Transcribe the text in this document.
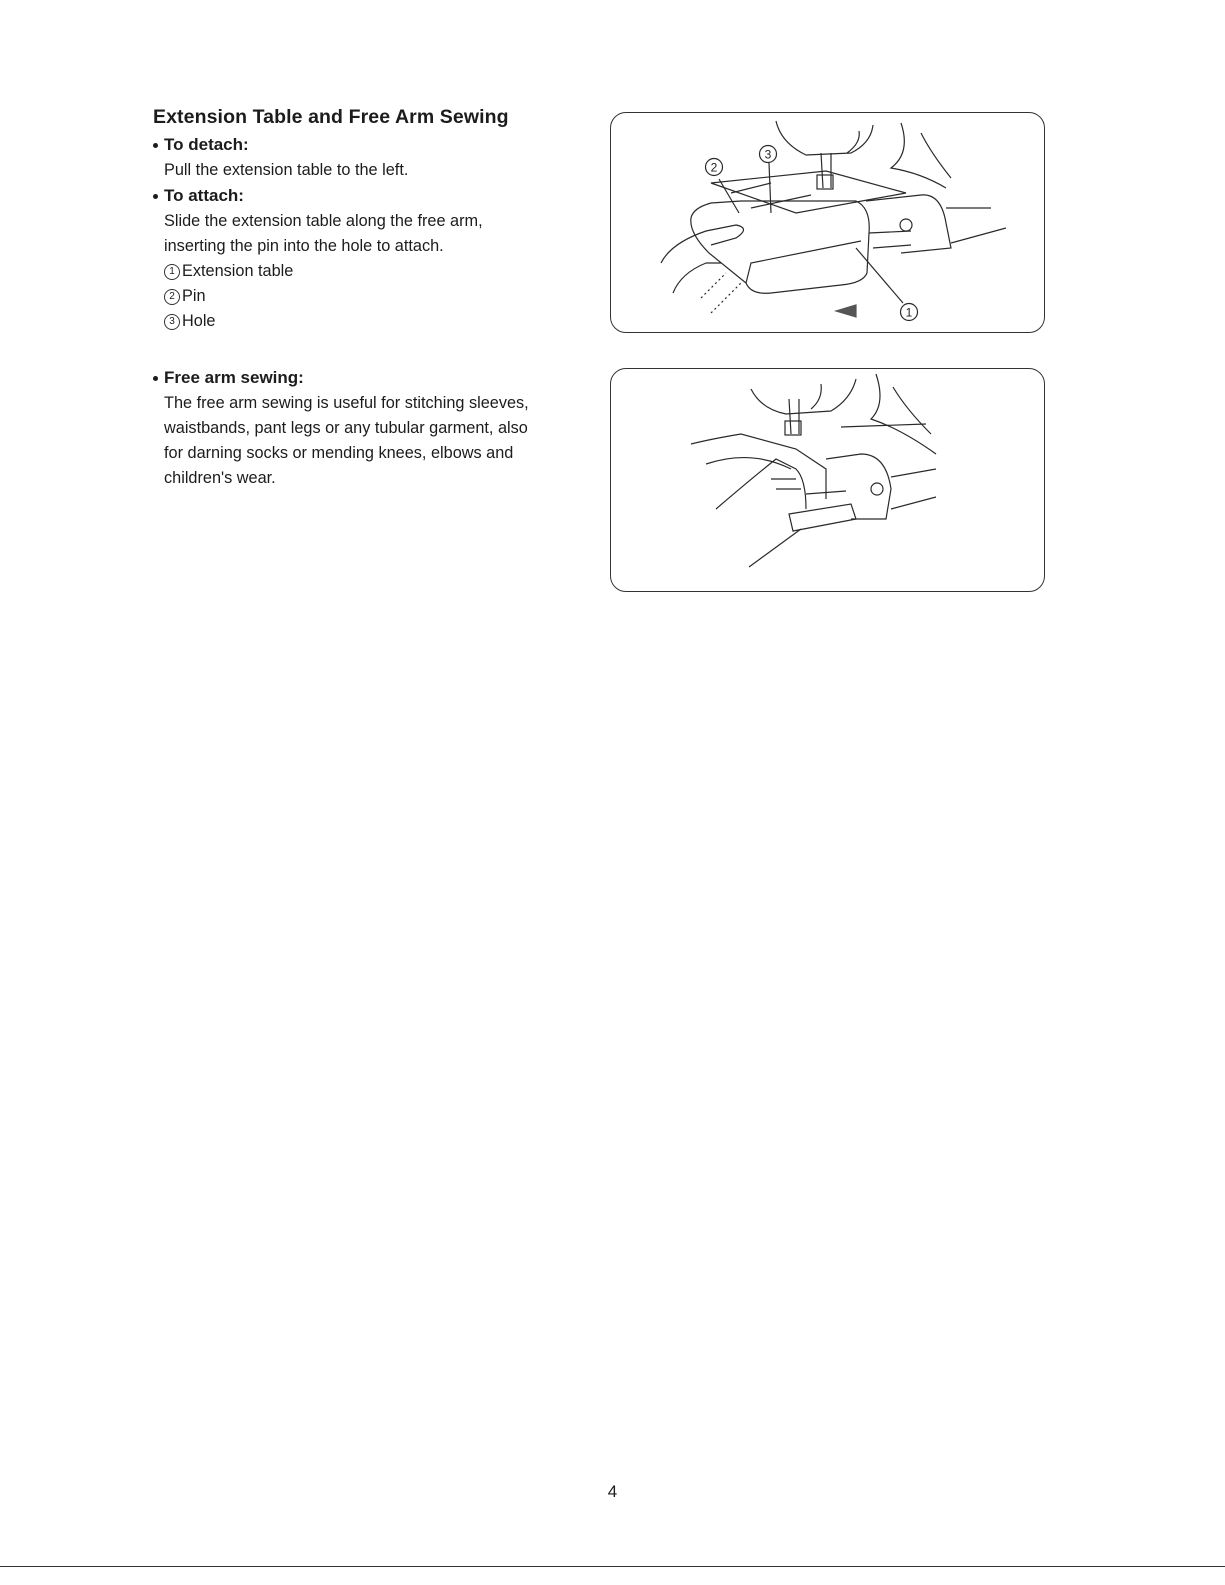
Extension Table and Free Arm Sewing

To detach:

Pull the extension table to the left.

To attach:

Slide the extension table along the free arm,

inserting the pin into the hole to attach.

1 Extension table
2 Pin
3 Hole

Free arm sewing:

The free arm sewing is useful for stitching sleeves,

waistbands, pant legs or any tubular garment, also

for darning socks or mending knees, elbows and

children's wear.

2
3
1
4
